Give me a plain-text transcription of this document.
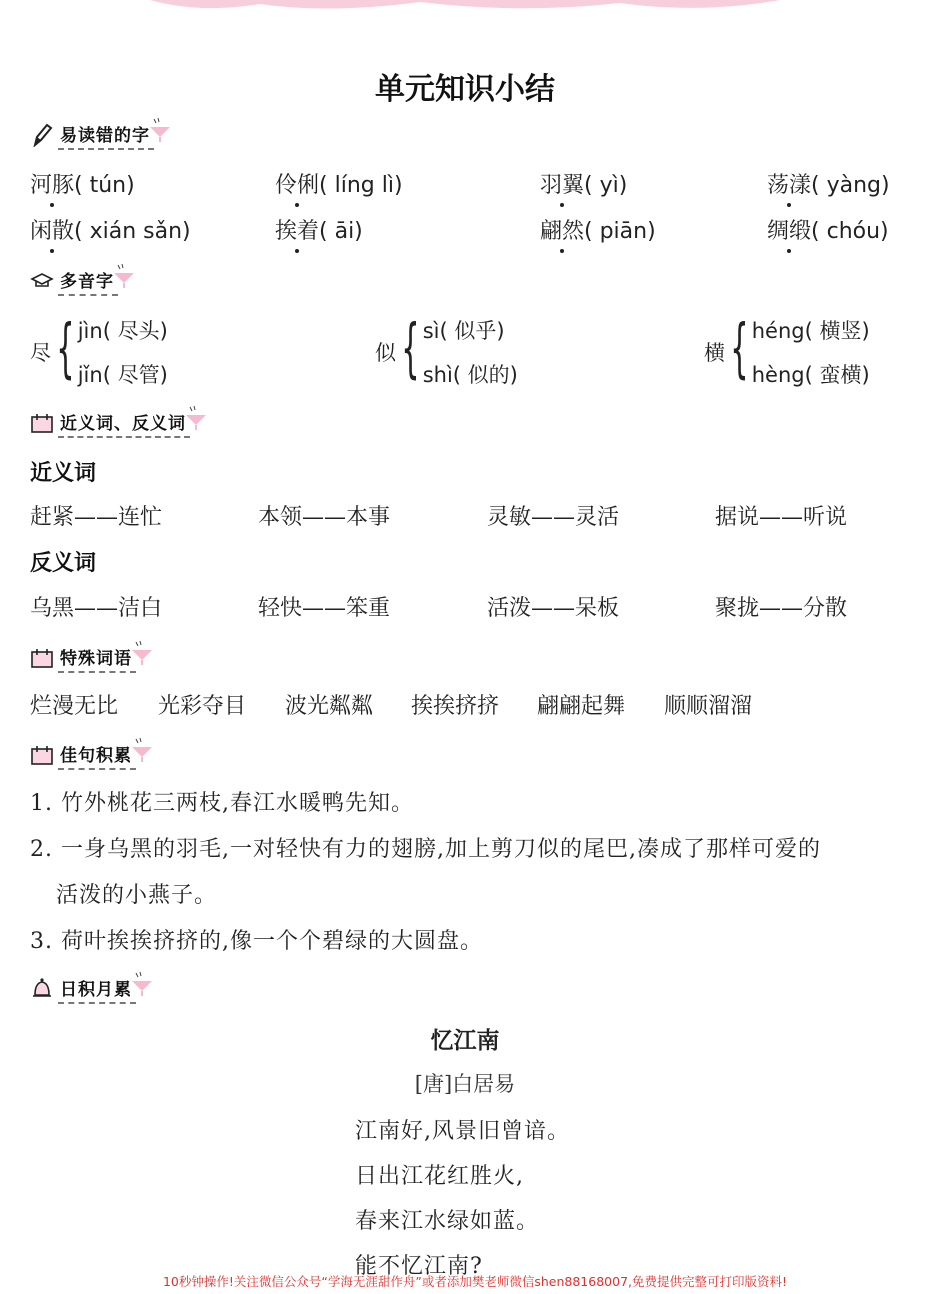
单元知识小结
易读错的字
河豚( tún)	伶俐( líng lì)	羽翼( yì)	荡漾( yàng)
闲散( xián sǎn)	挨着( āi)	翩然( piān)	绸缎( chóu)
多音字
尽 { jìn( 尽头)
jǐn( 尽管)
似 { sì( 似乎)
shì( 似的)
横 { héng( 横竖)
hèng( 蛮横)
近义词、反义词
近义词
赶紧——连忙	本领——本事	灵敏——灵活	据说——听说
反义词
乌黑——洁白	轻快——笨重	活泼——呆板	聚拢——分散
特殊词语
烂漫无比 光彩夺目 波光粼粼 挨挨挤挤 翩翩起舞 顺顺溜溜
佳句积累
1. 竹外桃花三两枝,春江水暖鸭先知。
2. 一身乌黑的羽毛,一对轻快有力的翅膀,加上剪刀似的尾巴,凑成了那样可爱的
活泼的小燕子。
3. 荷叶挨挨挤挤的,像一个个碧绿的大圆盘。
日积月累
忆江南
[唐]白居易
江南好,风景旧曾谙。
日出江花红胜火,
春来江水绿如蓝。
能不忆江南?
10秒钟操作!关注微信公众号“学海无涯甜作舟”或者添加樊老师微信shen88168007,免费提供完整可打印版资料!
